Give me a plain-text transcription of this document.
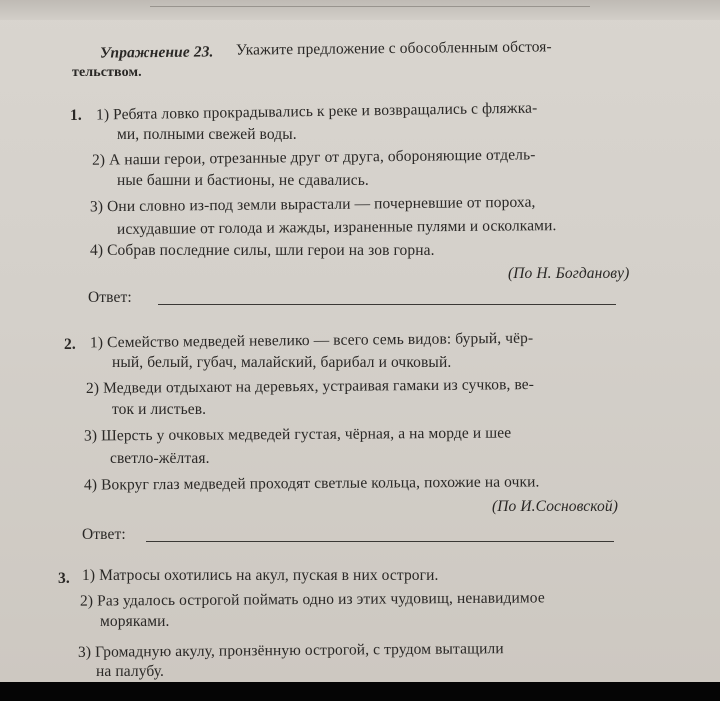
Упражнение 23. Укажите предложение с обособленным обстоя-
тельством.
1. 1) Ребята ловко прокрадывались к реке и возвращались с фляжка-
ми, полными свежей воды.
2) А наши герои, отрезанные друг от друга, обороняющие отдель-
ные башни и бастионы, не сдавались.
3) Они словно из-под земли вырастали — почерневшие от пороха,
исхудавшие от голода и жажды, израненные пулями и осколками.
4) Собрав последние силы, шли герои на зов горна.
(По Н. Богданову)
Ответ:
2. 1) Семейство медведей невелико — всего семь видов: бурый, чёр-
ный, белый, губач, малайский, барибал и очковый.
2) Медведи отдыхают на деревьях, устраивая гамаки из сучков, ве-
ток и листьев.
3) Шерсть у очковых медведей густая, чёрная, а на морде и шее
светло-жёлтая.
4) Вокруг глаз медведей проходят светлые кольца, похожие на очки.
(По И.Сосновской)
Ответ:
3. 1) Матросы охотились на акул, пуская в них остроги.
2) Раз удалось острогой поймать одно из этих чудовищ, ненавидимое
моряками.
3) Громадную акулу, пронзённую острогой, с трудом вытащили
на палубу.
